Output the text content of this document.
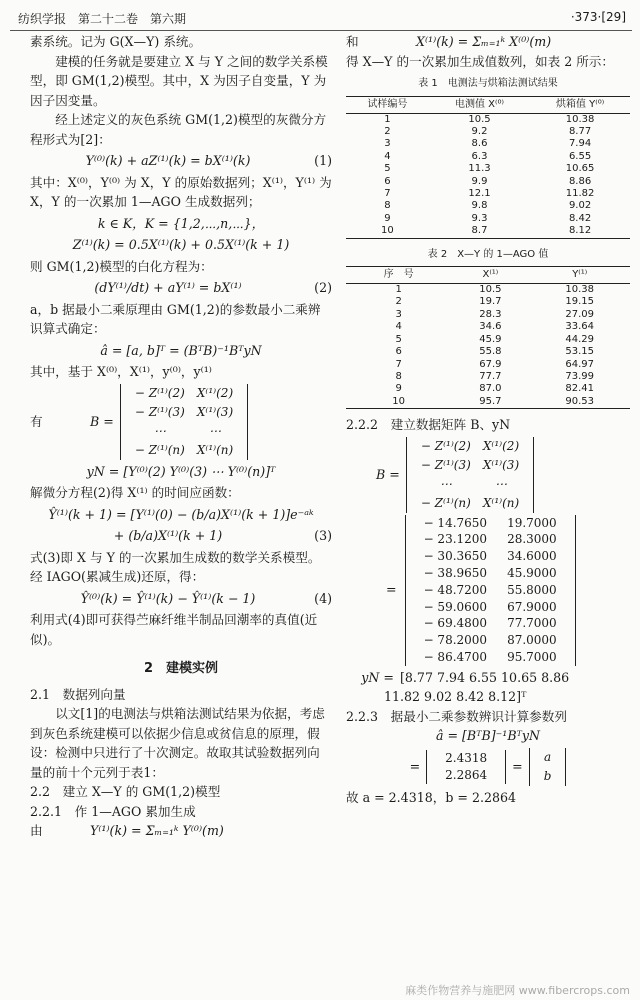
纺织学报　第二十二卷　第六期	·373·[29]

素系统。记为 G(X—Y) 系统。

建模的任务就是要建立 X 与 Y 之间的数学关系模型，即 GM(1,2)模型。其中，X 为因子自变量，Y 为因子因变量。

经上述定义的灰色系统 GM(1,2)模型的灰微分方程形式为[2]：

Y⁽⁰⁾(k) + aZ⁽¹⁾(k) = bX⁽¹⁾(k)	(1)

其中：X⁽⁰⁾，Y⁽⁰⁾ 为 X，Y 的原始数据列；X⁽¹⁾，Y⁽¹⁾ 为 X，Y 的一次累加 1—AGO 生成数据列；

k ∈ K，K = {1,2,⋯,n,⋯}，
Z⁽¹⁾(k) = 0.5X⁽¹⁾(k) + 0.5X⁽¹⁾(k + 1)

则 GM(1,2)模型的白化方程为：

(dY⁽¹⁾/dt) + aY⁽¹⁾ = bX⁽¹⁾	(2)

a，b 据最小二乘原理由 GM(1,2)的参数最小二乘辨识算式确定：

â = [a, b]ᵀ = (BᵀB)⁻¹BᵀyN

其中，基于 X⁽⁰⁾，X⁽¹⁾，y⁽⁰⁾，y⁽¹⁾

有	B =
− Z⁽¹⁾(2)	X⁽¹⁾(2)
− Z⁽¹⁾(3)	X⁽¹⁾(3)
⋯	⋯
− Z⁽¹⁾(n)	X⁽¹⁾(n)
yN = [Y⁽⁰⁾(2) Y⁽⁰⁾(3) ⋯ Y⁽⁰⁾(n)]ᵀ

解微分方程(2)得 X⁽¹⁾ 的时间应函数：

Ŷ⁽¹⁾(k + 1) = [Y⁽¹⁾(0) − (b/a)X⁽¹⁾(k + 1)]e⁻ᵃᵏ
+ (b/a)X⁽¹⁾(k + 1)	(3)

式(3)即 X 与 Y 的一次累加生成数的数学关系模型。

经 IAGO(累减生成)还原，得：

Ŷ⁽⁰⁾(k) = Ŷ⁽¹⁾(k) − Ŷ⁽¹⁾(k − 1)	(4)

利用式(4)即可获得苎麻纤维半制品回潮率的真值(近似)。

2　建模实例

2.1　数据列向量

以文[1]的电测法与烘箱法测试结果为依据，考虑到灰色系统建模可以依据少信息或贫信息的原理，假设：检测中只进行了十次测定。故取其试验数据列向量的前十个元列于表1：

2.2　建立 X—Y 的 GM(1,2)模型

2.2.1　作 1—AGO 累加生成

由	Y⁽¹⁾(k) = Σₘ₌₁ᵏ Y⁽⁰⁾(m)
和	X⁽¹⁾(k) = Σₘ₌₁ᵏ X⁽⁰⁾(m)

得 X—Y 的一次累加生成值数列，如表 2 所示：

表 1　电测法与烘箱法测试结果
试样编号	电测值 X⁽⁰⁾	烘箱值 Y⁽⁰⁾
1	10.5	10.38
2	9.2	8.77
3	8.6	7.94
4	6.3	6.55
5	11.3	10.65
6	9.9	8.86
7	12.1	11.82
8	9.8	9.02
9	9.3	8.42
10	8.7	8.12
表 2　X—Y 的 1—AGO 值
序　号	X⁽¹⁾	Y⁽¹⁾
1	10.5	10.38
2	19.7	19.15
3	28.3	27.09
4	34.6	33.64
5	45.9	44.29
6	55.8	53.15
7	67.9	64.97
8	77.7	73.99
9	87.0	82.41
10	95.7	90.53

2.2.2　建立数据矩阵 B、yN

B =
− Z⁽¹⁾(2)	X⁽¹⁾(2)
− Z⁽¹⁾(3)	X⁽¹⁾(3)
⋯	⋯
− Z⁽¹⁾(n)	X⁽¹⁾(n)
=
− 14.7650	19.7000
− 23.1200	28.3000
− 30.3650	34.6000
− 38.9650	45.9000
− 48.7200	55.8000
− 59.0600	67.9000
− 69.4800	77.7000
− 78.2000	87.0000
− 86.4700	95.7000
yN = [8.77 7.94 6.55 10.65 8.86
11.82 9.02 8.42 8.12]ᵀ

2.2.3　据最小二乘参数辨识计算参数列

â = [BᵀB]⁻¹BᵀyN
=
2.4318
2.2864
=
a
b

故 a = 2.4318，b = 2.2864

麻类作物营养与施肥网 www.fibercrops.com
